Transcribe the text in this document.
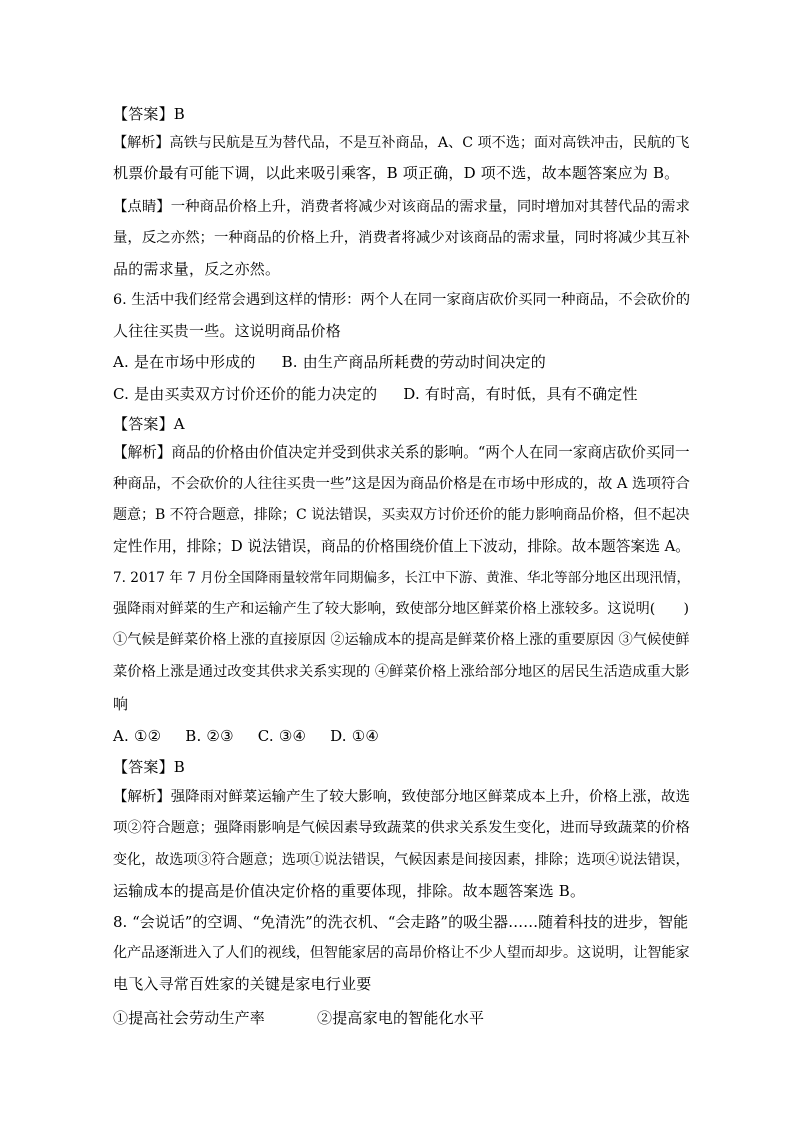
【答案】B
【解析】高铁与民航是互为替代品，不是互补商品，A、C 项不选；面对高铁冲击，民航的飞
机票价最有可能下调，以此来吸引乘客，B 项正确，D 项不选，故本题答案应为 B。
【点睛】一种商品价格上升，消费者将减少对该商品的需求量，同时增加对其替代品的需求
量，反之亦然；一种商品的价格上升，消费者将减少对该商品的需求量，同时将减少其互补
品的需求量，反之亦然。
6. 生活中我们经常会遇到这样的情形：两个人在同一家商店砍价买同一种商品，不会砍价的
人往往买贵一些。这说明商品价格
A. 是在市场中形成的 B. 由生产商品所耗费的劳动时间决定的
C. 是由买卖双方讨价还价的能力决定的 D. 有时高，有时低，具有不确定性
【答案】A
【解析】商品的价格由价值决定并受到供求关系的影响。“两个人在同一家商店砍价买同一
种商品，不会砍价的人往往买贵一些”这是因为商品价格是在市场中形成的，故 A 选项符合
题意；B 不符合题意，排除；C 说法错误，买卖双方讨价还价的能力影响商品价格，但不起决
定性作用，排除；D 说法错误，商品的价格围绕价值上下波动，排除。故本题答案选 A。
7. 2017 年 7 月份全国降雨量较常年同期偏多，长江中下游、黄淮、华北等部分地区出现汛情，
强降雨对鲜菜的生产和运输产生了较大影响，致使部分地区鲜菜价格上涨较多。这说明(　　)
①气候是鲜菜价格上涨的直接原因 ②运输成本的提高是鲜菜价格上涨的重要原因 ③气候使鲜
菜价格上涨是通过改变其供求关系实现的 ④鲜菜价格上涨给部分地区的居民生活造成重大影
响
A. ①② B. ②③ C. ③④ D. ①④
【答案】B
【解析】强降雨对鲜菜运输产生了较大影响，致使部分地区鲜菜成本上升，价格上涨，故选
项②符合题意；强降雨影响是气候因素导致蔬菜的供求关系发生变化，进而导致蔬菜的价格
变化，故选项③符合题意；选项①说法错误，气候因素是间接因素，排除；选项④说法错误，
运输成本的提高是价值决定价格的重要体现，排除。故本题答案选 B。
8. “会说话”的空调、“免清洗”的洗衣机、“会走路”的吸尘器……随着科技的进步，智能
化产品逐渐进入了人们的视线，但智能家居的高昂价格让不少人望而却步。这说明，让智能家
电飞入寻常百姓家的关键是家电行业要
①提高社会劳动生产率	②提高家电的智能化水平
